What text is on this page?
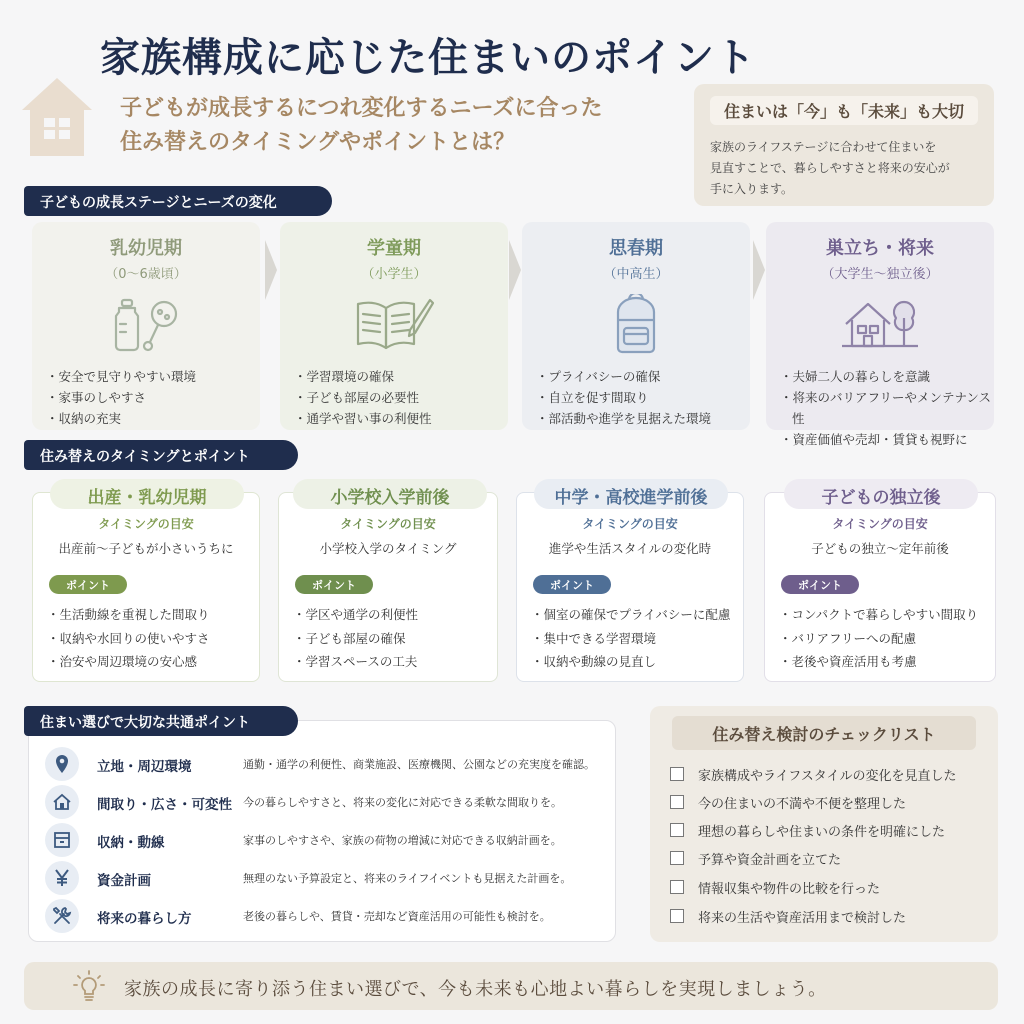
家族構成に応じた住まいのポイント
子どもが成長するにつれ変化するニーズに合った
住み替えのタイミングやポイントとは？
住まいは「今」も「未来」も大切
家族のライフステージに合わせて住まいを
見直すことで、暮らしやすさと将来の安心が
手に入ります。
子どもの成長ステージとニーズの変化
乳幼児期
（0〜6歳頃）
・ 安全で見守りやすい環境
・ 家事のしやすさ
・ 収納の充実
学童期
（小学生）
・ 学習環境の確保
・ 子ども部屋の必要性
・ 通学や習い事の利便性
思春期
（中高生）
・ プライバシーの確保
・ 自立を促す間取り
・ 部活動や進学を見据えた環境
巣立ち・将来
（大学生〜独立後）
・ 夫婦二人の暮らしを意識
・ 将来のバリアフリーやメンテナンス性
・ 資産価値や売却・賃貸も視野に
住み替えのタイミングとポイント
出産・乳幼児期
タイミングの目安
出産前〜子どもが小さいうちに
ポイント
・ 生活動線を重視した間取り
・ 収納や水回りの使いやすさ
・ 治安や周辺環境の安心感
小学校入学前後
タイミングの目安
小学校入学のタイミング
ポイント
・ 学区や通学の利便性
・ 子ども部屋の確保
・ 学習スペースの工夫
中学・高校進学前後
タイミングの目安
進学や生活スタイルの変化時
ポイント
・ 個室の確保でプライバシーに配慮
・ 集中できる学習環境
・ 収納や動線の見直し
子どもの独立後
タイミングの目安
子どもの独立〜定年前後
ポイント
・ コンパクトで暮らしやすい間取り
・ バリアフリーへの配慮
・ 老後や資産活用も考慮
立地・周辺環境	通勤・通学の利便性、商業施設、医療機関、公園などの充実度を確認。
間取り・広さ・可変性 今の暮らしやすさと、将来の変化に対応できる柔軟な間取りを。
収納・動線	家事のしやすさや、家族の荷物の増減に対応できる収納計画を。
資金計画	無理のない予算設定と、将来のライフイベントも見据えた計画を。
将来の暮らし方	老後の暮らしや、賃貸・売却など資産活用の可能性も検討を。
住まい選びで大切な共通ポイント
住み替え検討のチェックリスト
家族構成やライフスタイルの変化を見直した
今の住まいの不満や不便を整理した
理想の暮らしや住まいの条件を明確にした
予算や資金計画を立てた
情報収集や物件の比較を行った
将来の生活や資産活用まで検討した
家族の成長に寄り添う住まい選びで、今も未来も心地よい暮らしを実現しましょう。
